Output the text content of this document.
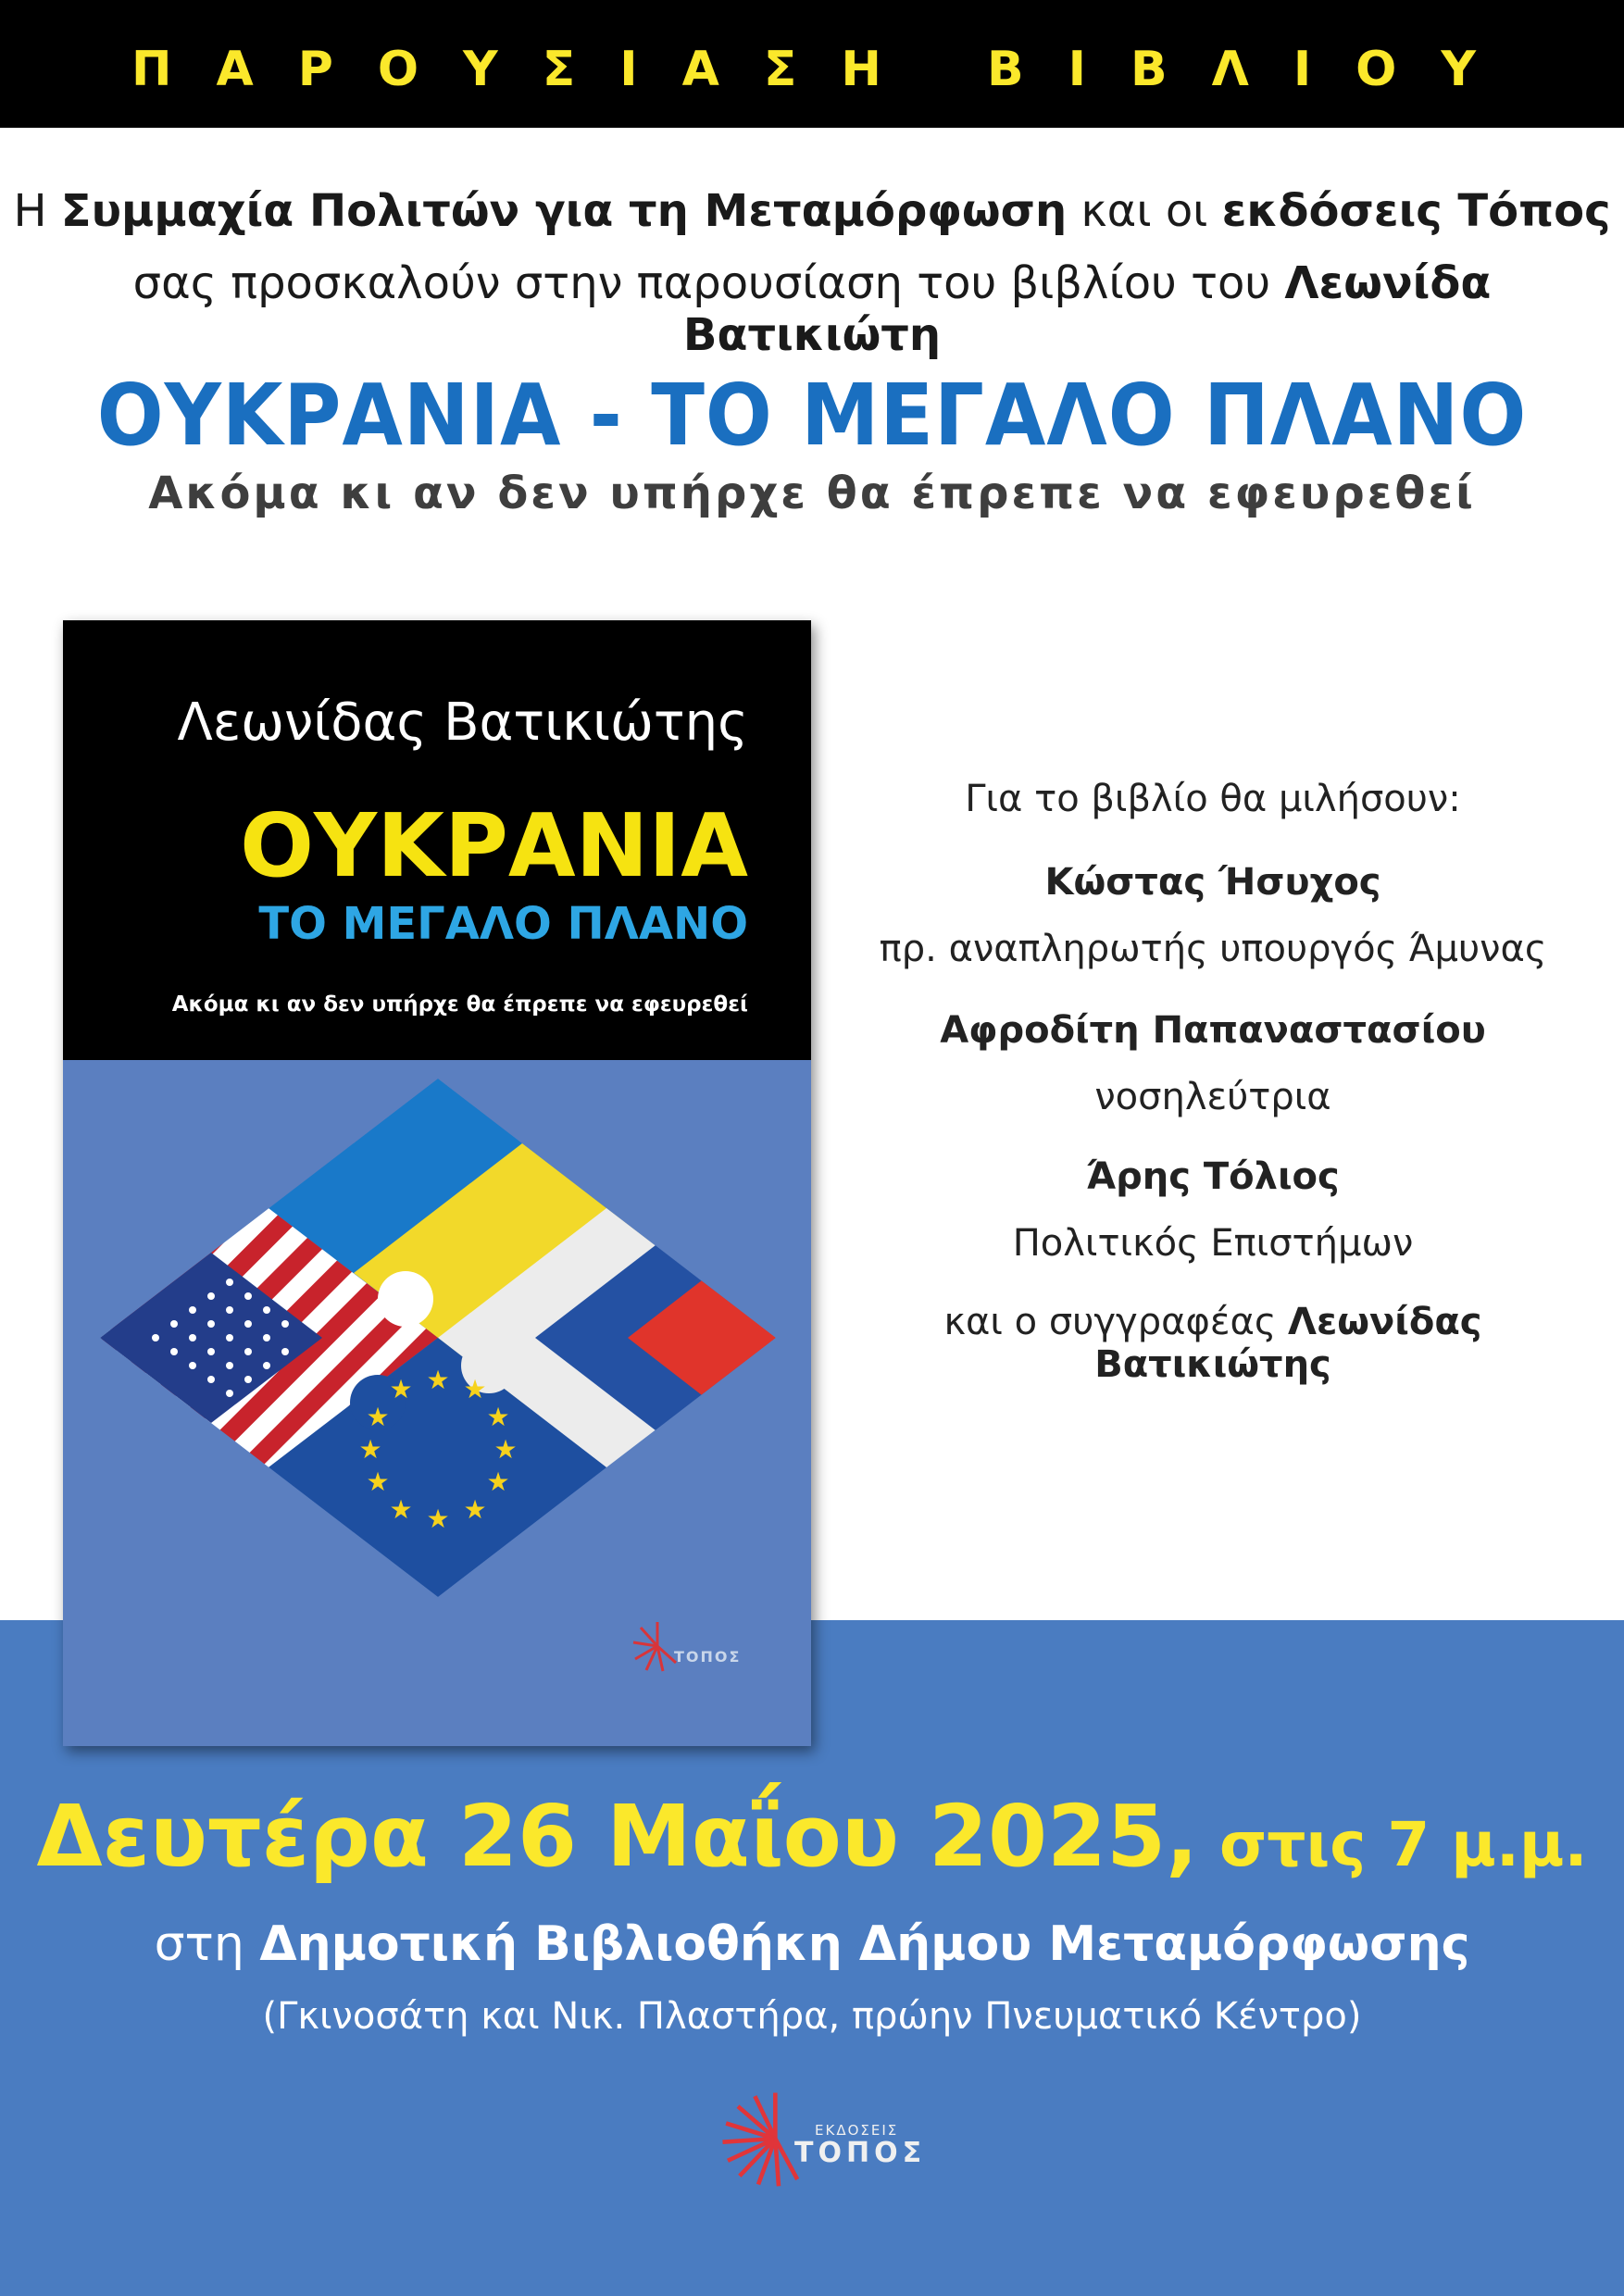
ΠΑΡΟΥΣΙΑΣΗ ΒΙΒΛΙΟΥ
Η Συμμαχία Πολιτών για τη Μεταμόρφωση και οι εκδόσεις Τόπος
σας προσκαλούν στην παρουσίαση του βιβλίου του Λεωνίδα Βατικιώτη
ΟΥΚΡΑΝΙΑ - ΤΟ ΜΕΓΑΛΟ ΠΛΑΝΟ
Ακόμα κι αν δεν υπήρχε θα έπρεπε να εφευρεθεί
Λεωνίδας Βατικιώτης
ΟΥΚΡΑΝΙΑ
ΤΟ ΜΕΓΑΛΟ ΠΛΑΝΟ
Ακόμα κι αν δεν υπήρχε θα έπρεπε να εφευρεθεί
★ ★
★
★
★
★
★
★
★
★
★
★
ΤΟΠΟΣ
Για το βιβλίο θα μιλήσουν:
Κώστας Ήσυχος
πρ. αναπληρωτής υπουργός Άμυνας
Αφροδίτη Παπαναστασίου
νοσηλεύτρια
Άρης Τόλιος
Πολιτικός Επιστήμων
και ο συγγραφέας Λεωνίδας Βατικιώτης
Δευτέρα 26 Μαΐου 2025, στις 7 μ.μ.
στη Δημοτική Βιβλιοθήκη Δήμου Μεταμόρφωσης
(Γκινοσάτη και Νικ. Πλαστήρα, πρώην Πνευματικό Κέντρο)
ΕΚΔΟΣΕΙΣ
ΤΟΠΟΣ
